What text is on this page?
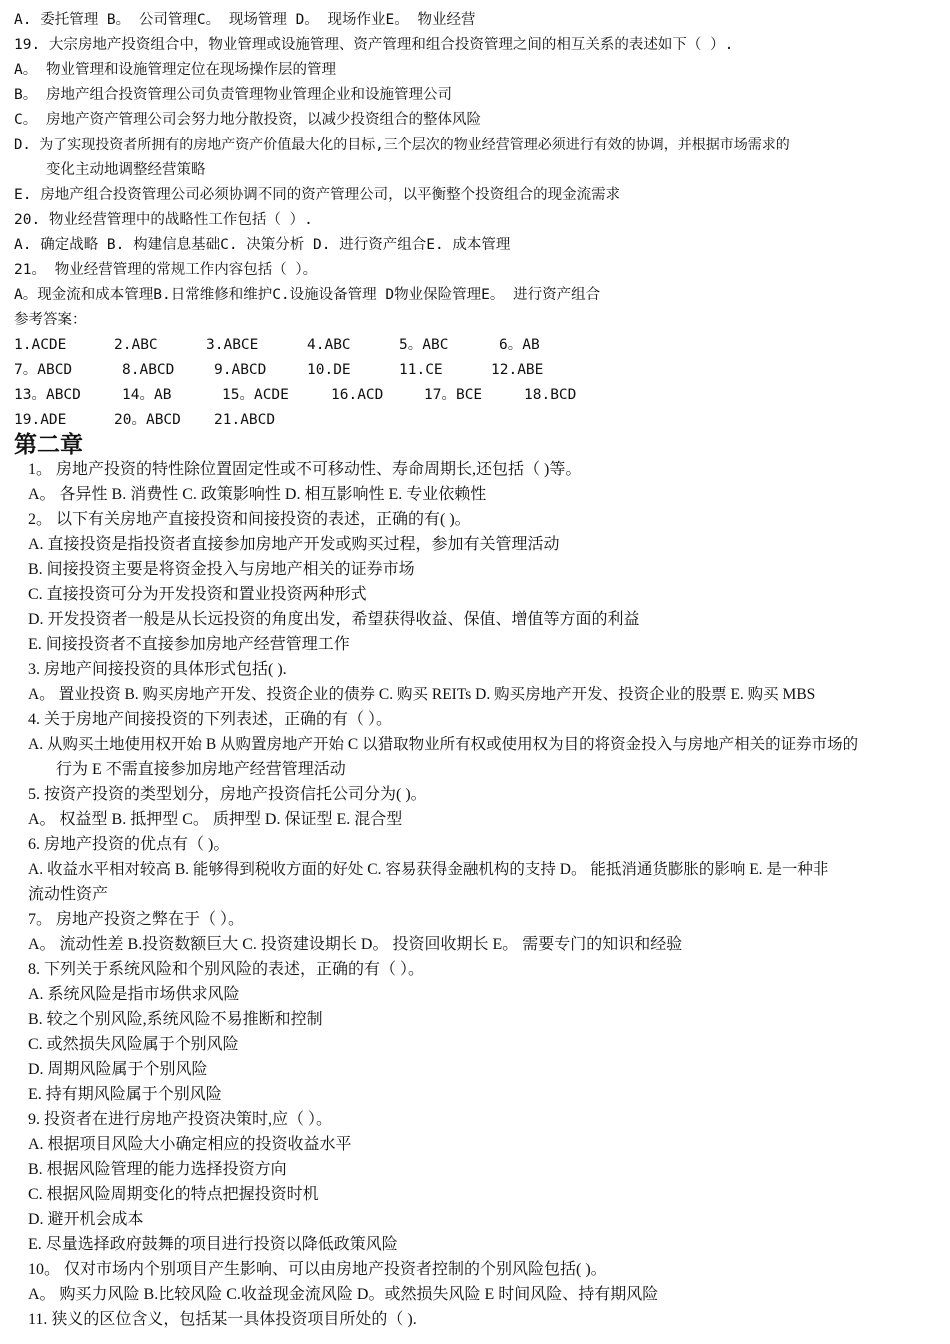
A. 委托管理 B。 公司管理C。 现场管理 D。 现场作业E。 物业经营
19. 大宗房地产投资组合中，物业管理或设施管理、资产管理和组合投资管理之间的相互关系的表述如下（ ）.
A。 物业管理和设施管理定位在现场操作层的管理
B。 房地产组合投资管理公司负责管理物业管理企业和设施管理公司
C。 房地产资产管理公司会努力地分散投资，以减少投资组合的整体风险
D. 为了实现投资者所拥有的房地产资产价值最大化的目标,三个层次的物业经营管理必须进行有效的协调，并根据市场需求的
变化主动地调整经营策略
E. 房地产组合投资管理公司必须协调不同的资产管理公司，以平衡整个投资组合的现金流需求
20. 物业经营管理中的战略性工作包括（ ）.
A. 确定战略 B. 构建信息基础C. 决策分析 D. 进行资产组合E. 成本管理
21。 物业经营管理的常规工作内容包括（ ）。
A。现金流和成本管理B.日常维修和维护C.设施设备管理 D物业保险管理E。 进行资产组合
参考答案：
1.ACDE	2.ABC	3.ABCE	4.ABC	5。ABC	6。AB
7。ABCD	8.ABCD	9.ABCD	10.DE	11.CE	12.ABE
13。ABCD	14。AB	15。ACDE	16.ACD	17。BCE	18.BCD
19.ADE	20。ABCD 21.ABCD
第二章
1。 房地产投资的特性除位置固定性或不可移动性、寿命周期长,还包括（ )等。
A。 各异性 B. 消费性 C. 政策影响性 D. 相互影响性 E. 专业依赖性
2。 以下有关房地产直接投资和间接投资的表述，正确的有( )。
A. 直接投资是指投资者直接参加房地产开发或购买过程，参加有关管理活动
B. 间接投资主要是将资金投入与房地产相关的证券市场
C. 直接投资可分为开发投资和置业投资两种形式
D. 开发投资者一般是从长远投资的角度出发，希望获得收益、保值、增值等方面的利益
E. 间接投资者不直接参加房地产经营管理工作
3. 房地产间接投资的具体形式包括( ).
A。 置业投资 B. 购买房地产开发、投资企业的债券 C. 购买 REITs D. 购买房地产开发、投资企业的股票 E. 购买 MBS
4. 关于房地产间接投资的下列表述，正确的有（ ）。
A. 从购买土地使用权开始 B 从购置房地产开始 C 以猎取物业所有权或使用权为目的将资金投入与房地产相关的证券市场的
行为 E 不需直接参加房地产经营管理活动
5. 按资产投资的类型划分，房地产投资信托公司分为( )。
A。 权益型 B. 抵押型 C。 质押型 D. 保证型 E. 混合型
6. 房地产投资的优点有（ )。
A. 收益水平相对较高 B. 能够得到税收方面的好处 C. 容易获得金融机构的支持 D。 能抵消通货膨胀的影响 E. 是一种非
流动性资产
7。 房地产投资之弊在于（ ）。
A。 流动性差 B.投资数额巨大 C. 投资建设期长 D。 投资回收期长 E。 需要专门的知识和经验
8. 下列关于系统风险和个别风险的表述，正确的有（ ）。
A. 系统风险是指市场供求风险
B. 较之个别风险,系统风险不易推断和控制
C. 或然损失风险属于个别风险
D. 周期风险属于个别风险
E. 持有期风险属于个别风险
9. 投资者在进行房地产投资决策时,应（ ）。
A. 根据项目风险大小确定相应的投资收益水平
B. 根据风险管理的能力选择投资方向
C. 根据风险周期变化的特点把握投资时机
D. 避开机会成本
E. 尽量选择政府鼓舞的项目进行投资以降低政策风险
10。 仅对市场内个别项目产生影响、可以由房地产投资者控制的个别风险包括( )。
A。 购买力风险 B.比较风险 C.收益现金流风险 D。或然损失风险 E 时间风险、持有期风险
11. 狭义的区位含义，包括某一具体投资项目所处的（ ).
